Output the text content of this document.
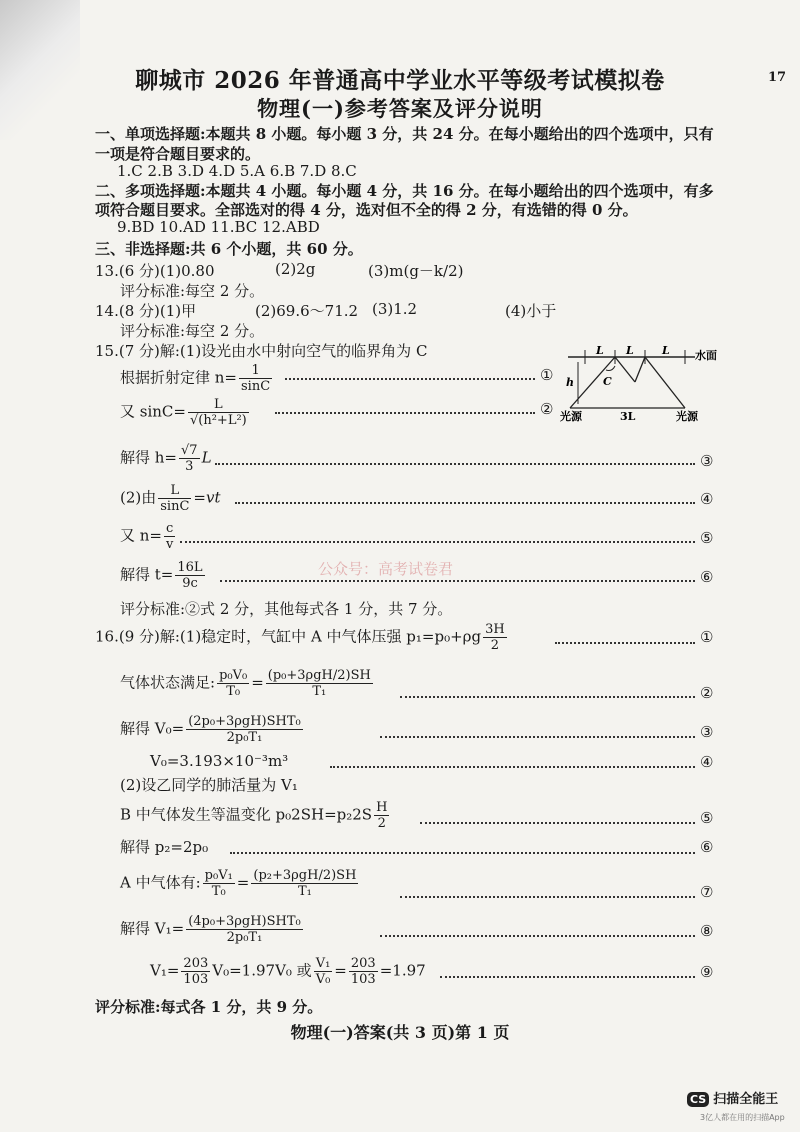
聊城市 2026 年普通高中学业水平等级考试模拟卷
物理(一)参考答案及评分说明
17
一、单项选择题:本题共 8 小题。每小题 3 分，共 24 分。在每小题给出的四个选项中，只有
一项是符合题目要求的。
1.C 2.B 3.D 4.D 5.A 6.B 7.D 8.C
二、多项选择题:本题共 4 小题。每小题 4 分，共 16 分。在每小题给出的四个选项中，有多
项符合题目要求。全部选对的得 4 分，选对但不全的得 2 分，有选错的得 0 分。
9.BD 10.AD 11.BC 12.ABD
三、非选择题:共 6 个小题，共 60 分。
13.(6 分)(1)0.80	(2)2g	(3)m(g－k/2)
评分标准:每空 2 分。
14.(8 分)(1)甲	(2)69.6～71.2 (3)1.2	(4)小于
评分标准:每空 2 分。
15.(7 分)解:(1)设光由水中射向空气的临界角为 C
根据折射定律 $n= \frac{1}{\sin C}$	①
又 $\sin C= \frac{L}{\text{√(h²+L²)}}$	②
L L	L 水面
h	C
光源	3L	光源
解得 $h= \frac{√7}{3}$ L	③
(2)由 $\frac{L}{\sin C} =vt$	④
又 $n= \frac{c}{v}$	⑤
解得 $t= \frac{16L}{9c}$	⑥
评分标准:②式 2 分，其他每式各 1 分，共 7 分。
公众号：高考试卷君
16.(9 分)解:(1)稳定时，气缸中 A 中气体压强 $p_1=p_0+\rho g \frac{3H}{2}$	①
气体状态满足: $\frac{\text{p₀V₀}}{\text{T₀}} = \frac{\text{(p₀+3ρgH/2)SH}}{\text{T₁}}$	②
解得 $V_0= \frac{\text{(2p₀+3ρgH)SHT₀}}{\text{2p₀T₁}}$	③
V₀=3.193×10⁻³m³	④
(2)设乙同学的肺活量为 V₁
B 中气体发生等温变化 $p_02SH=p_22S \frac{H}{2}$	⑤
解得 p₂=2p₀	⑥
A 中气体有: $\frac{\text{p₀V₁}}{\text{T₀}} = \frac{\text{(p₂+3ρgH/2)SH}}{\text{T₁}}$	⑦
解得 $V_1= \frac{\text{(4p₀+3ρgH)SHT₀}}{\text{2p₀T₁}}$	⑧
$V_1= \frac{203}{103} V_0=1.97V_0$ 或 $\frac{\text{V₁}}{\text{V₀}} = \frac{203}{103} =1.97$	⑨
评分标准:每式各 1 分，共 9 分。
物理(一)答案(共 3 页)第 1 页
CS 扫描全能王
3亿人都在用的扫描App
